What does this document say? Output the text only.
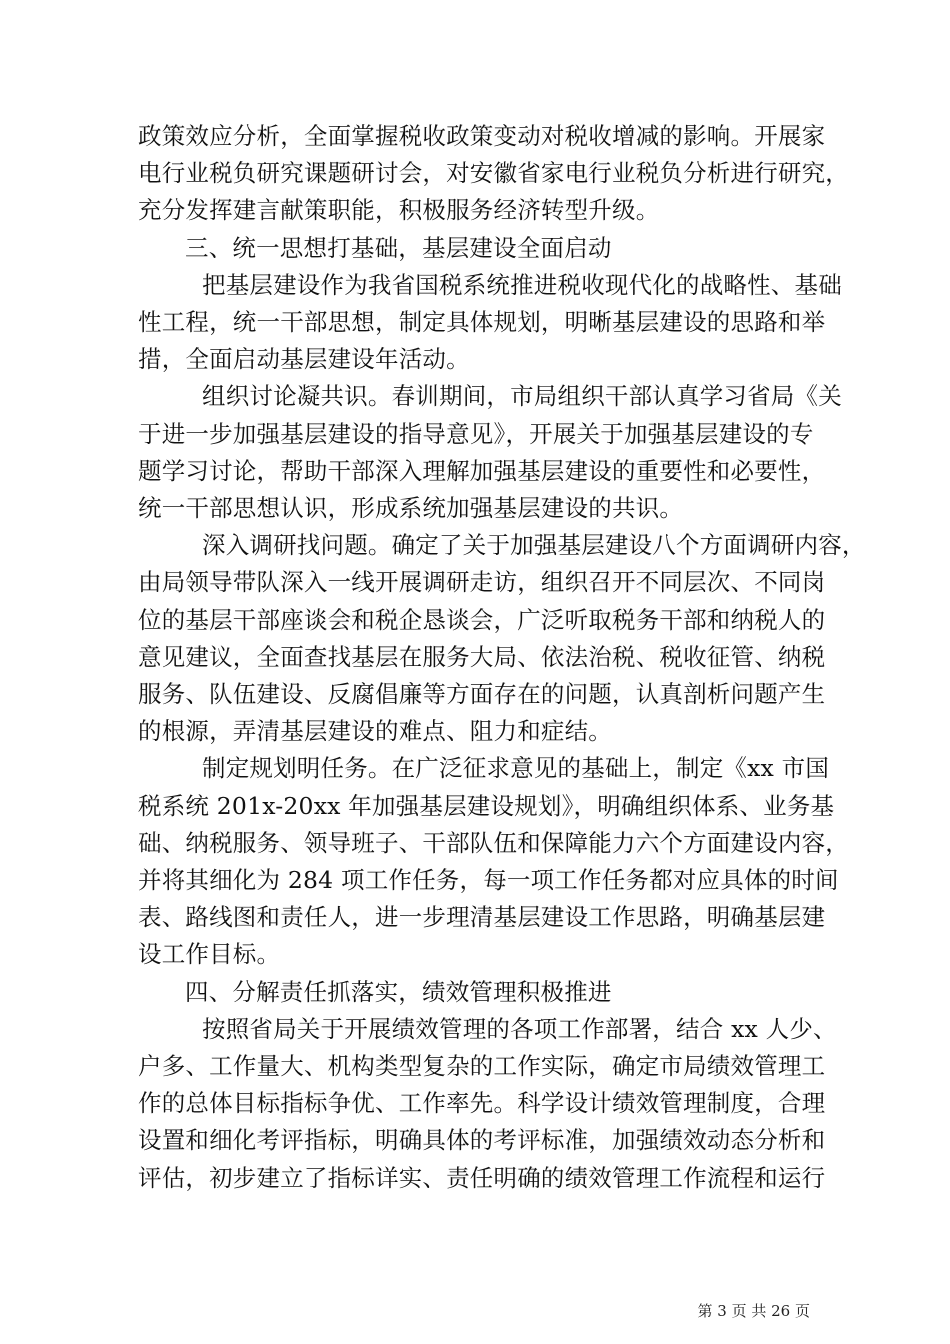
政策效应分析，全面掌握税收政策变动对税收增减的影响。开展家
电行业税负研究课题研讨会，对安徽省家电行业税负分析进行研究，
充分发挥建言献策职能，积极服务经济转型升级。
三、统一思想打基础，基层建设全面启动
把基层建设作为我省国税系统推进税收现代化的战略性、基础
性工程，统一干部思想，制定具体规划，明晰基层建设的思路和举
措，全面启动基层建设年活动。
组织讨论凝共识。春训期间，市局组织干部认真学习省局《关
于进一步加强基层建设的指导意见》，开展关于加强基层建设的专
题学习讨论，帮助干部深入理解加强基层建设的重要性和必要性，
统一干部思想认识，形成系统加强基层建设的共识。
深入调研找问题。确定了关于加强基层建设八个方面调研内容，
由局领导带队深入一线开展调研走访，组织召开不同层次、不同岗
位的基层干部座谈会和税企恳谈会，广泛听取税务干部和纳税人的
意见建议，全面查找基层在服务大局、依法治税、税收征管、纳税
服务、队伍建设、反腐倡廉等方面存在的问题，认真剖析问题产生
的根源，弄清基层建设的难点、阻力和症结。
制定规划明任务。在广泛征求意见的基础上，制定《xx 市国
税系统 201x-20xx 年加强基层建设规划》，明确组织体系、业务基
础、纳税服务、领导班子、干部队伍和保障能力六个方面建设内容，
并将其细化为 284 项工作任务，每一项工作任务都对应具体的时间
表、路线图和责任人，进一步理清基层建设工作思路，明确基层建
设工作目标。
四、分解责任抓落实，绩效管理积极推进
按照省局关于开展绩效管理的各项工作部署，结合 xx 人少、
户多、工作量大、机构类型复杂的工作实际，确定市局绩效管理工
作的总体目标指标争优、工作率先。科学设计绩效管理制度，合理
设置和细化考评指标，明确具体的考评标准，加强绩效动态分析和
评估，初步建立了指标详实、责任明确的绩效管理工作流程和运行
第 3 页 共 26 页
